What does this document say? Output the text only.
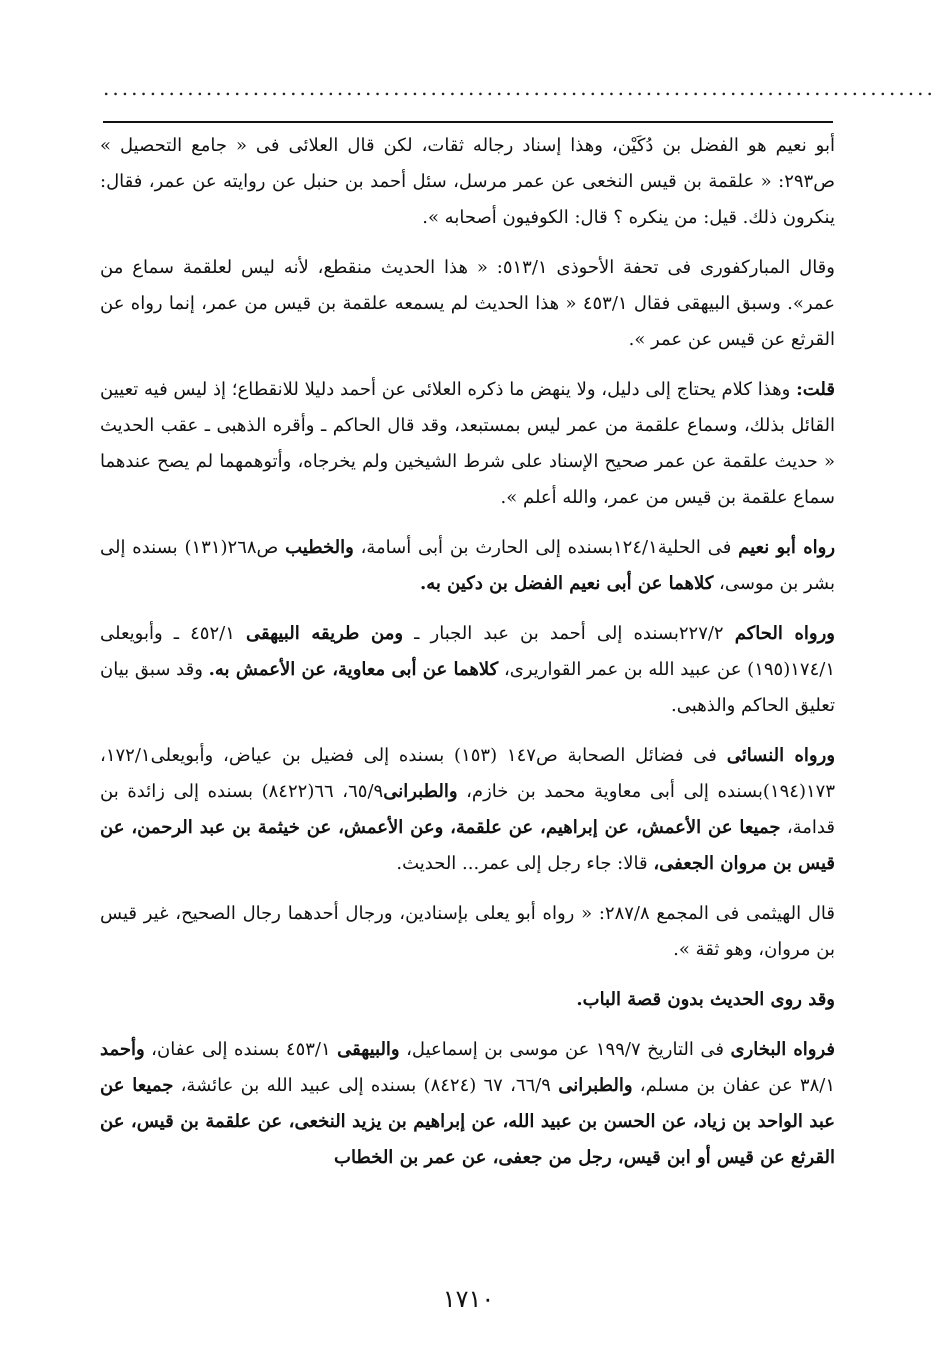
.........................................................................................

أبو نعيم هو الفضل بن دُكَيْن، وهذا إسناد رجاله ثقات، لكن قال العلائى فى « جامع التحصيل » ص٢٩٣: « علقمة بن قيس النخعى عن عمر مرسل، سئل أحمد بن حنبل عن روايته عن عمر، فقال: ينكرون ذلك. قيل: من ينكره ؟ قال: الكوفيون أصحابه ».

وقال المباركفورى فى تحفة الأحوذى ٥١٣/١: « هذا الحديث منقطع، لأنه ليس لعلقمة سماع من عمر». وسبق البيهقى فقال ٤٥٣/١ « هذا الحديث لم يسمعه علقمة بن قيس من عمر، إنما رواه عن القرثع عن قيس عن عمر ».

قلت: وهذا كلام يحتاج إلى دليل، ولا ينهض ما ذكره العلائى عن أحمد دليلا للانقطاع؛ إذ ليس فيه تعيين القائل بذلك، وسماع علقمة من عمر ليس بمستبعد، وقد قال الحاكم ـ وأقره الذهبى ـ عقب الحديث « حديث علقمة عن عمر صحيح الإسناد على شرط الشيخين ولم يخرجاه، وأتوهمهما لم يصح عندهما سماع علقمة بن قيس من عمر، والله أعلم ».

رواه أبو نعيم فى الحلية١٢٤/١بسنده إلى الحارث بن أبى أسامة، والخطيب ص٢٦٨(١٣١) بسنده إلى بشر بن موسى، كلاهما عن أبى نعيم الفضل بن دكين به.

ورواه الحاكم ٢٢٧/٢بسنده إلى أحمد بن عبد الجبار ـ ومن طريقه البيهقى ٤٥٢/١ ـ وأبويعلى ١٧٤/١(١٩٥) عن عبيد الله بن عمر القواريرى، كلاهما عن أبى معاوية، عن الأعمش به. وقد سبق بيان تعليق الحاكم والذهبى.

ورواه النسائى فى فضائل الصحابة ص١٤٧ (١٥٣) بسنده إلى فضيل بن عياض، وأبويعلى١٧٢/١، ١٧٣(١٩٤)بسنده إلى أبى معاوية محمد بن خازم، والطبرانى٦٥/٩، ٦٦(٨٤٢٢) بسنده إلى زائدة بن قدامة، جميعا عن الأعمش، عن إبراهيم، عن علقمة، وعن الأعمش، عن خيثمة بن عبد الرحمن، عن قيس بن مروان الجعفى، قالا: جاء رجل إلى عمر... الحديث.

قال الهيثمى فى المجمع ٢٨٧/٨: « رواه أبو يعلى بإسنادين، ورجال أحدهما رجال الصحيح، غير قيس بن مروان، وهو ثقة ».

وقد روى الحديث بدون قصة الباب.

فرواه البخارى فى التاريخ ١٩٩/٧ عن موسى بن إسماعيل، والبيهقى ٤٥٣/١ بسنده إلى عفان، وأحمد ٣٨/١ عن عفان بن مسلم، والطبرانى ٦٦/٩، ٦٧ (٨٤٢٤) بسنده إلى عبيد الله بن عائشة، جميعا عن عبد الواحد بن زياد، عن الحسن بن عبيد الله، عن إبراهيم بن يزيد النخعى، عن علقمة بن قيس، عن القرثع عن قيس أو ابن قيس، رجل من جعفى، عن عمر بن الخطاب

١٧١٠
